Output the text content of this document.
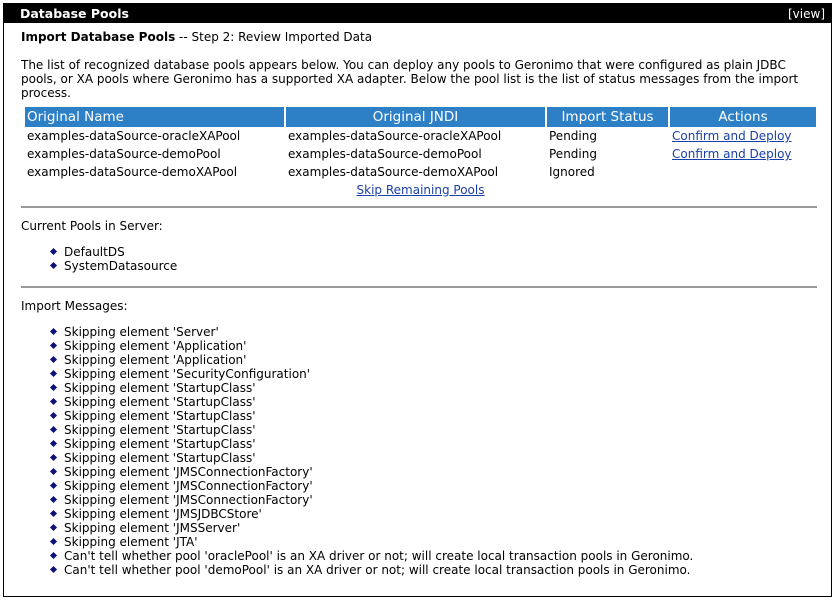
Database Pools	[view]
Import Database Pools -- Step 2: Review Imported Data
The list of recognized database pools appears below. You can deploy any pools to Geronimo that were configured as plain JDBC pools, or XA pools where Geronimo has a supported XA adapter. Below the pool list is the list of status messages from the import process.
Original Name	Original JNDI	Import Status	Actions
examples-dataSource-oracleXAPool	examples-dataSource-oracleXAPool	Pending	Confirm and Deploy
examples-dataSource-demoPool	examples-dataSource-demoPool	Pending	Confirm and Deploy
examples-dataSource-demoXAPool	examples-dataSource-demoXAPool	Ignored	
Skip Remaining Pools			
Current Pools in Server:
DefaultDS
SystemDatasource
Import Messages:
Skipping element 'Server'
Skipping element 'Application'
Skipping element 'Application'
Skipping element 'SecurityConfiguration'
Skipping element 'StartupClass'
Skipping element 'StartupClass'
Skipping element 'StartupClass'
Skipping element 'StartupClass'
Skipping element 'StartupClass'
Skipping element 'StartupClass'
Skipping element 'JMSConnectionFactory'
Skipping element 'JMSConnectionFactory'
Skipping element 'JMSConnectionFactory'
Skipping element 'JMSJDBCStore'
Skipping element 'JMSServer'
Skipping element 'JTA'
Can't tell whether pool 'oraclePool' is an XA driver or not; will create local transaction pools in Geronimo.
Can't tell whether pool 'demoPool' is an XA driver or not; will create local transaction pools in Geronimo.
